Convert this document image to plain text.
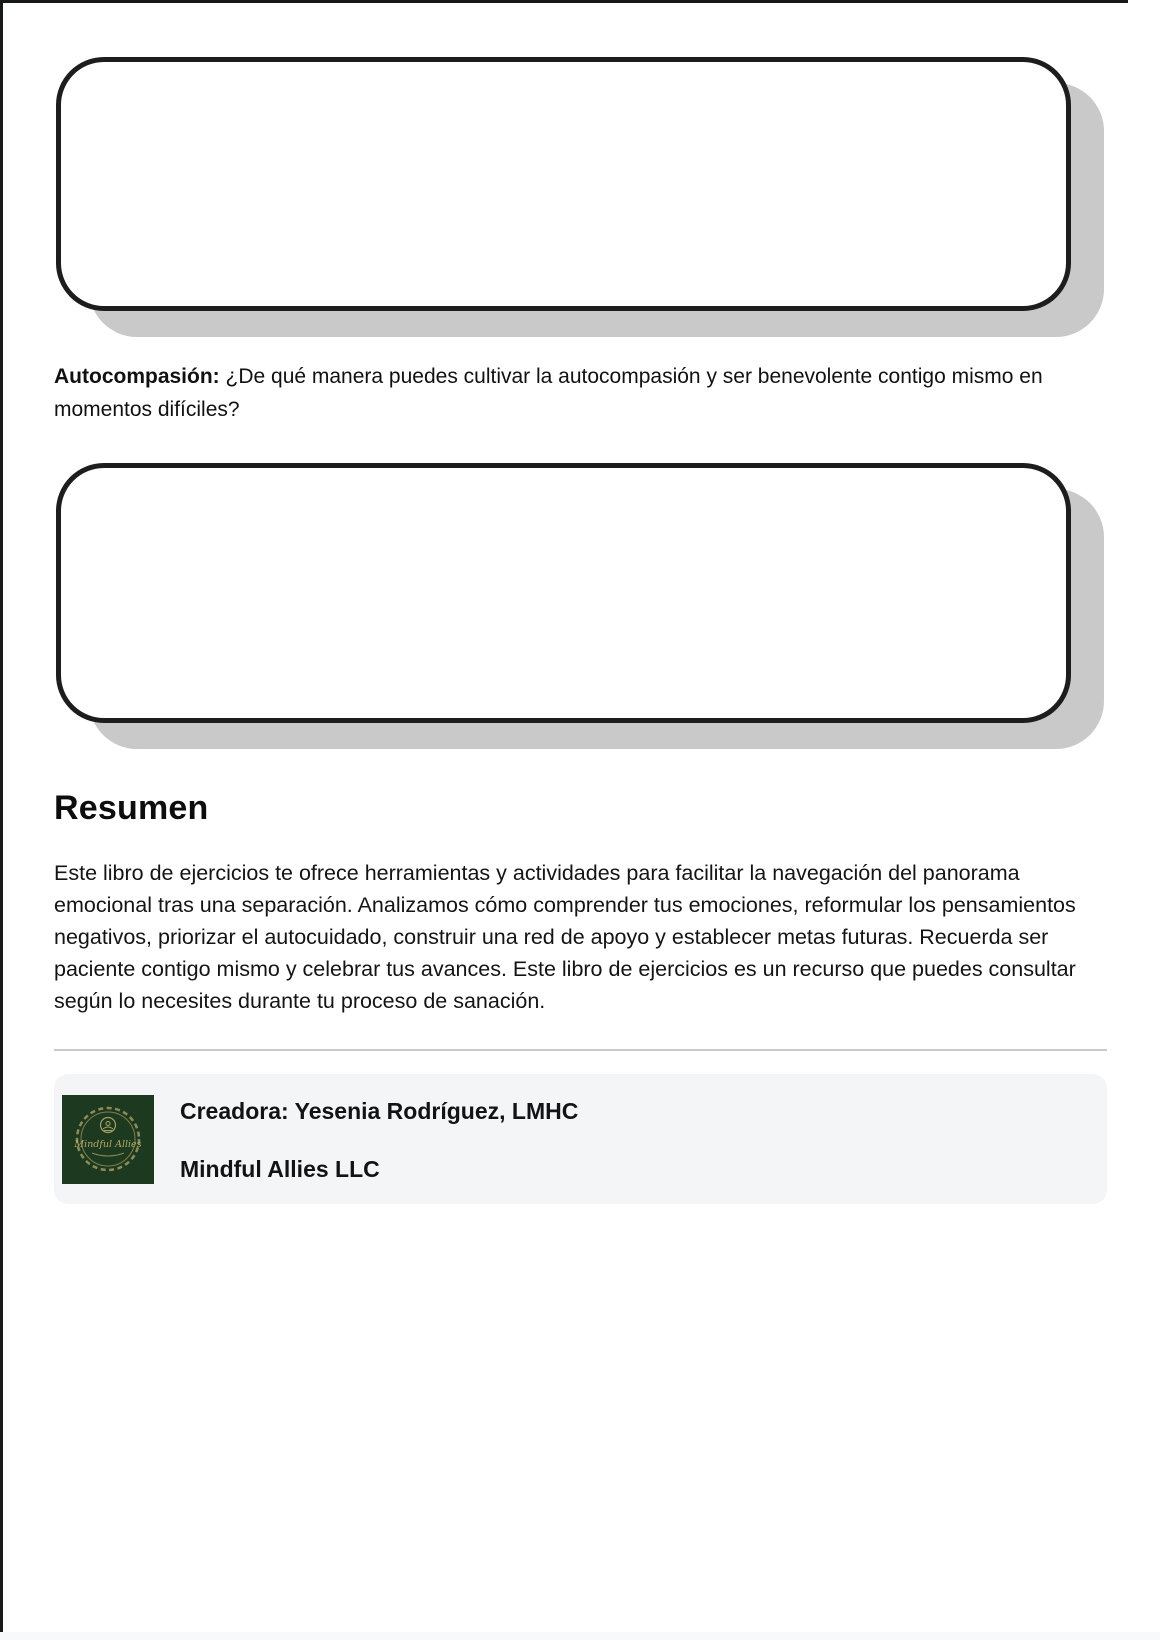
Autocompasión: ¿De qué manera puedes cultivar la autocompasión y ser benevolente contigo mismo en momentos difíciles?

Resumen

Este libro de ejercicios te ofrece herramientas y actividades para facilitar la navegación del panorama emocional tras una separación. Analizamos cómo comprender tus emociones, reformular los pensamientos negativos, priorizar el autocuidado, construir una red de apoyo y establecer metas futuras. Recuerda ser paciente contigo mismo y celebrar tus avances. Este libro de ejercicios es un recurso que puedes consultar según lo necesites durante tu proceso de sanación.

Mindful Allies
Creadora: Yesenia Rodríguez, LMHC
Mindful Allies LLC
